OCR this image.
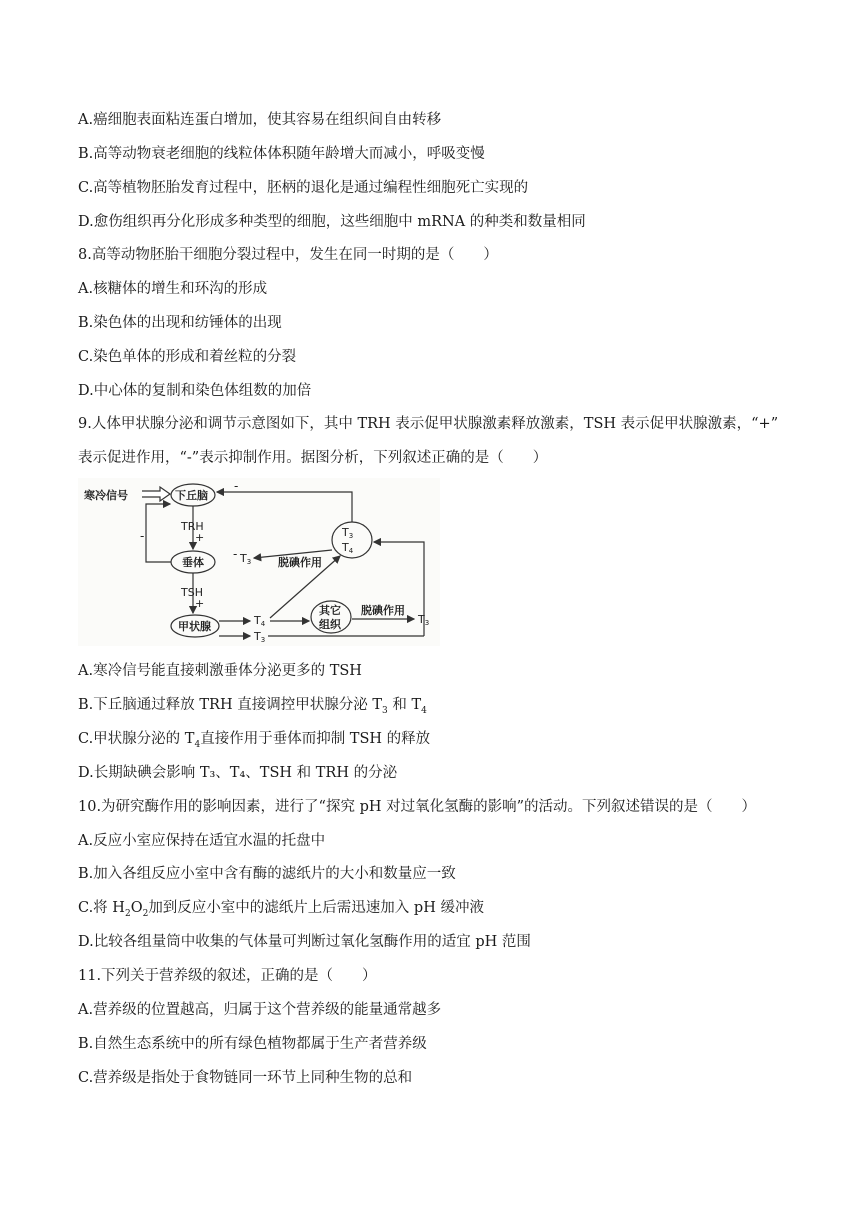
A.癌细胞表面粘连蛋白增加，使其容易在组织间自由转移
B.高等动物衰老细胞的线粒体体积随年龄增大而减小，呼吸变慢
C.高等植物胚胎发育过程中，胚柄的退化是通过编程性细胞死亡实现的
D.愈伤组织再分化形成多种类型的细胞，这些细胞中 mRNA 的种类和数量相同
8.高等动物胚胎干细胞分裂过程中，发生在同一时期的是（　　）
A.核糖体的增生和环沟的形成
B.染色体的出现和纺锤体的出现
C.染色单体的形成和着丝粒的分裂
D.中心体的复制和染色体组数的加倍
9.人体甲状腺分泌和调节示意图如下，其中 TRH 表示促甲状腺激素释放激素，TSH 表示促甲状腺激素，“+”
表示促进作用，“-”表示抑制作用。据图分析，下列叙述正确的是（　　）
寒冷信号	下丘脑
垂体
甲状腺
其它
组织
TRH
+
TSH
+
-
-
- T3
T3
T4
脱碘作用
T4
T3
脱碘作用
T3
A.寒冷信号能直接刺激垂体分泌更多的 TSH
B.下丘脑通过释放 TRH 直接调控甲状腺分泌 $T_3$ 和 $T_4$
C.甲状腺分泌的 $T_4$直接作用于垂体而抑制 TSH 的释放
D.长期缺碘会影响 T₃、T₄、TSH 和 TRH 的分泌
10.为研究酶作用的影响因素，进行了“探究 pH 对过氧化氢酶的影响”的活动。下列叙述错误的是（　　）
A.反应小室应保持在适宜水温的托盘中
B.加入各组反应小室中含有酶的滤纸片的大小和数量应一致
C.将 $H_2O_2$加到反应小室中的滤纸片上后需迅速加入 pH 缓冲液
D.比较各组量筒中收集的气体量可判断过氧化氢酶作用的适宜 pH 范围
11.下列关于营养级的叙述，正确的是（　　）
A.营养级的位置越高，归属于这个营养级的能量通常越多
B.自然生态系统中的所有绿色植物都属于生产者营养级
C.营养级是指处于食物链同一环节上同种生物的总和
